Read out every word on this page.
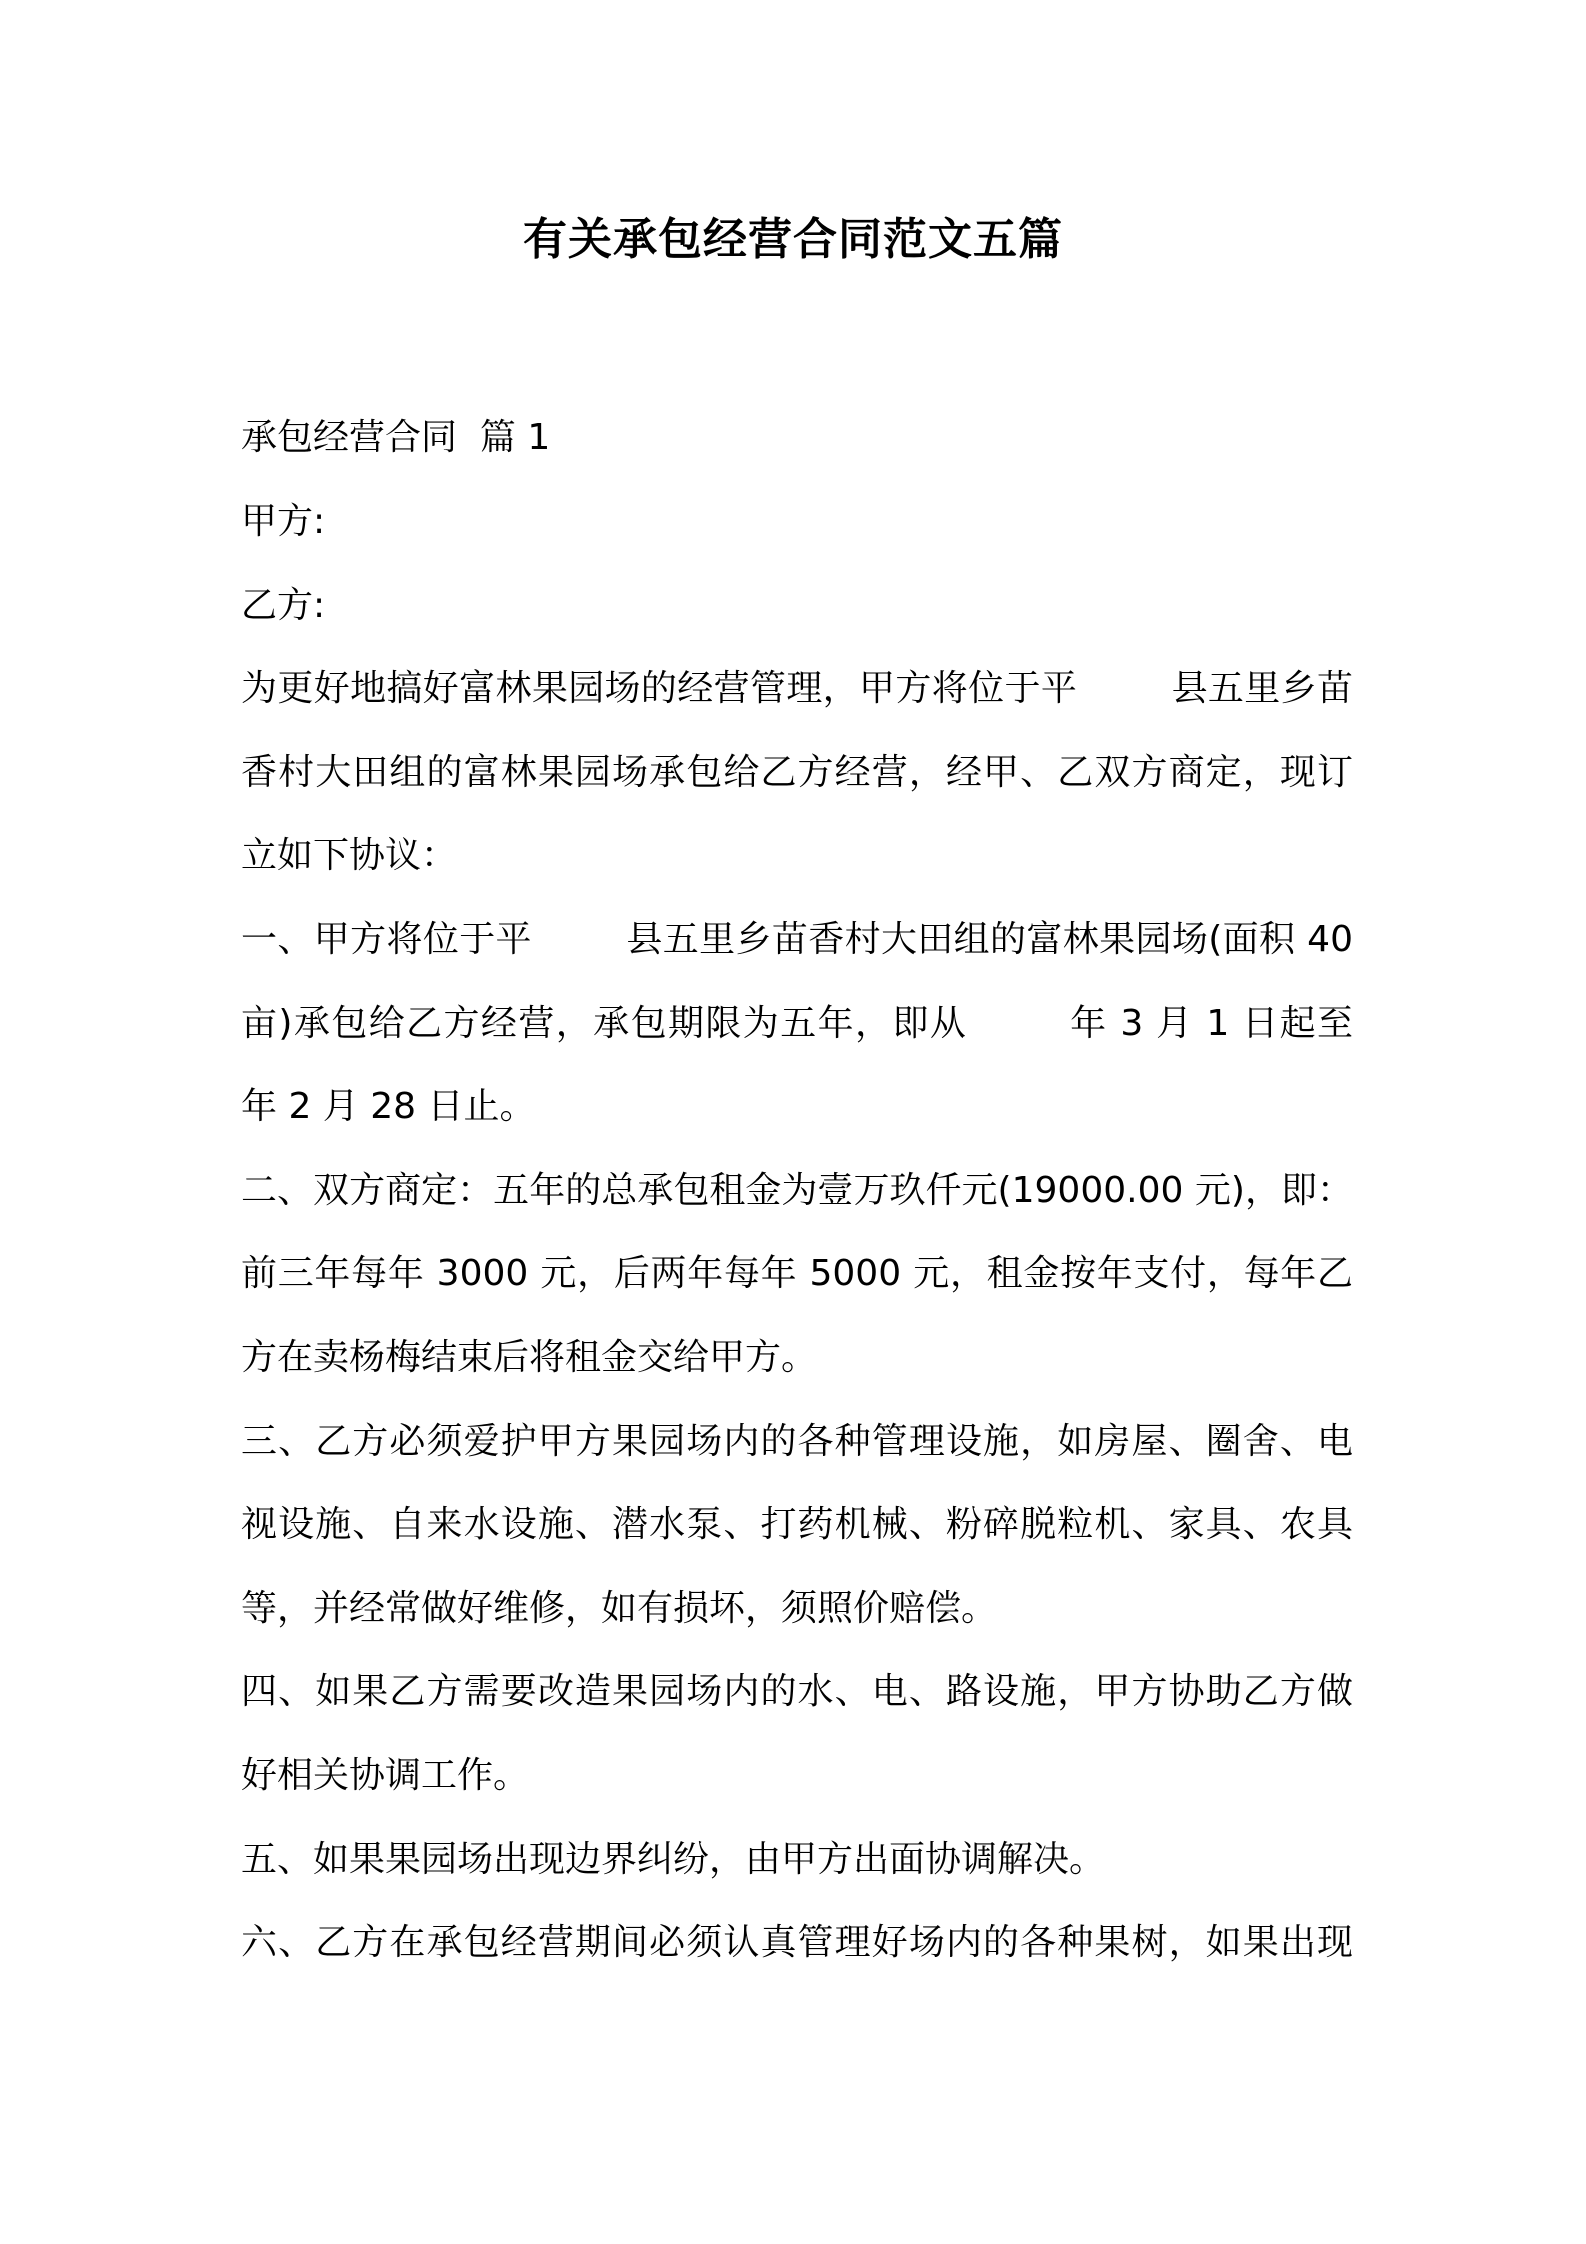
有关承包经营合同范文五篇
承包经营合同  篇 1
甲方:
乙方:
为更好地搞好富林果园场的经营管理，甲方将位于平        县五里乡苗
香村大田组的富林果园场承包给乙方经营，经甲、乙双方商定，现订
立如下协议：
一、甲方将位于平        县五里乡苗香村大田组的富林果园场(面积 40
亩)承包给乙方经营，承包期限为五年，即从        年 3 月 1 日起至
年 2 月 28 日止。
二、双方商定：五年的总承包租金为壹万玖仟元(19000.00 元)，即：
前三年每年 3000 元，后两年每年 5000 元，租金按年支付，每年乙
方在卖杨梅结束后将租金交给甲方。
三、乙方必须爱护甲方果园场内的各种管理设施，如房屋、圈舍、电
视设施、自来水设施、潜水泵、打药机械、粉碎脱粒机、家具、农具
等，并经常做好维修，如有损坏，须照价赔偿。
四、如果乙方需要改造果园场内的水、电、路设施，甲方协助乙方做
好相关协调工作。
五、如果果园场出现边界纠纷，由甲方出面协调解决。
六、乙方在承包经营期间必须认真管理好场内的各种果树，如果出现
